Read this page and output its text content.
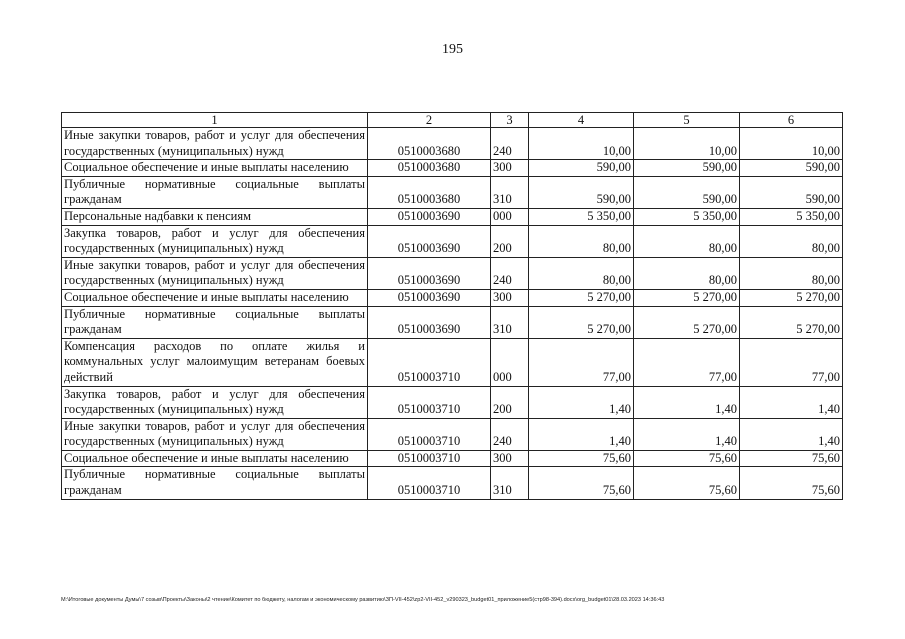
195
1	2	3	4	5	6
Иные закупки товаров, работ и услуг для обеспечения государственных (муниципальных) нужд	0510003680	240	10,00	10,00	10,00
Социальное обеспечение и иные выплаты населению	0510003680	300	590,00	590,00	590,00
Публичные нормативные социальные выплаты гражданам	0510003680	310	590,00	590,00	590,00
Персональные надбавки к пенсиям	0510003690	000	5 350,00	5 350,00	5 350,00
Закупка товаров, работ и услуг для обеспечения государственных (муниципальных) нужд	0510003690	200	80,00	80,00	80,00
Иные закупки товаров, работ и услуг для обеспечения государственных (муниципальных) нужд	0510003690	240	80,00	80,00	80,00
Социальное обеспечение и иные выплаты населению	0510003690	300	5 270,00	5 270,00	5 270,00
Публичные нормативные социальные выплаты гражданам	0510003690	310	5 270,00	5 270,00	5 270,00
Компенсация расходов по оплате жилья и коммунальных услуг малоимущим ветеранам боевых действий	0510003710	000	77,00	77,00	77,00
Закупка товаров, работ и услуг для обеспечения государственных (муниципальных) нужд	0510003710	200	1,40	1,40	1,40
Иные закупки товаров, работ и услуг для обеспечения государственных (муниципальных) нужд	0510003710	240	1,40	1,40	1,40
Социальное обеспечение и иные выплаты населению	0510003710	300	75,60	75,60	75,60
Публичные нормативные социальные выплаты гражданам	0510003710	310	75,60	75,60	75,60
M:\Итоговые документы Думы\7 созыв\Проекты\Законы\2 чтение\Комитет по бюджету, налогам и экономическому развитию\ЗП-VII-452\zp2-VII-452_v290323_budget01_приложение5(стр98-394).docx\org_budget01\28.03.2023 14:36:43
